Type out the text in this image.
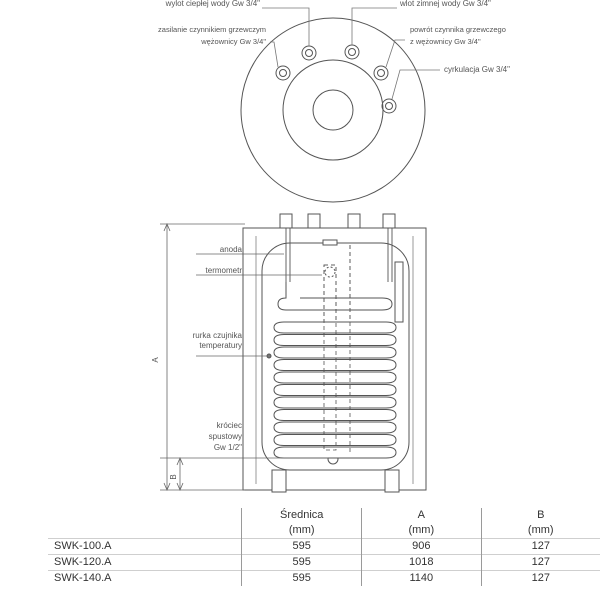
wylot ciepłej wody Gw 3/4"	wlot zimnej wody Gw 3/4"
zasilanie czynnikiem grzewczym
wężownicy Gw 3/4"
powrót czynnika grzewczego
z wężownicy Gw 3/4"
cyrkulacja Gw 3/4"
anoda
termometr
rurka czujnika
temperatury
króciec
spustowy
Gw 1/2"
A
B
	Średnica	A	B
	(mm)	(mm)	(mm)
SWK-100.A	595	906	127
SWK-120.A	595	1018	127
SWK-140.A	595	1140	127
